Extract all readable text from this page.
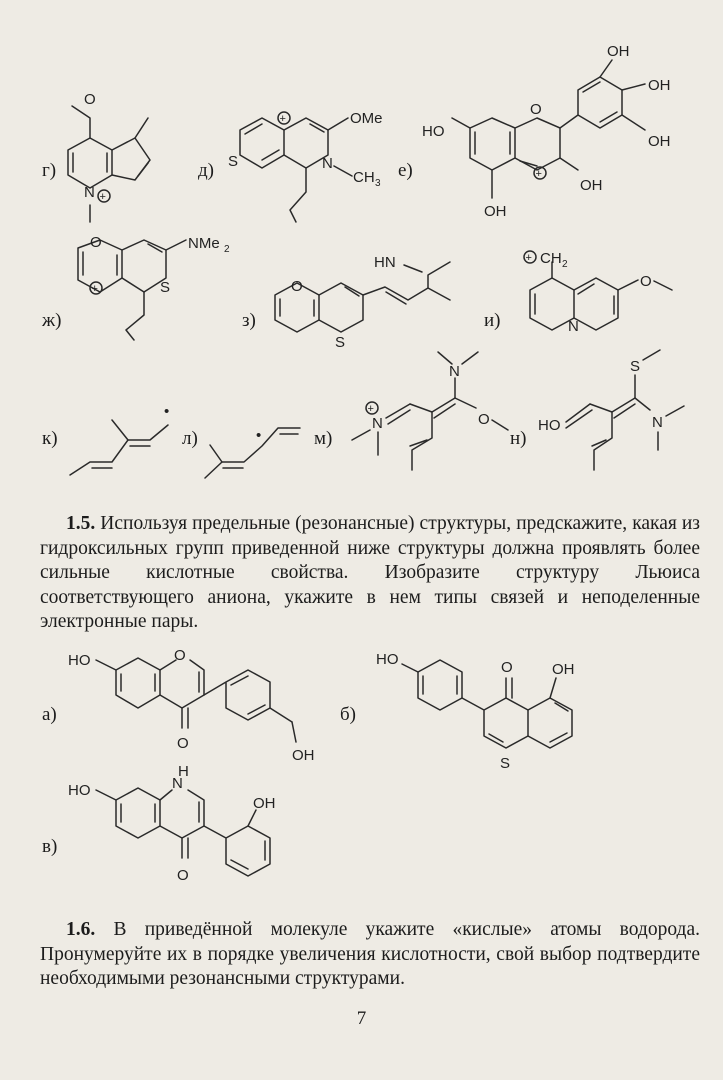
O
N +
S
+	OMe
N
CH 3
O
+
HO
OH
OH
OH
OH
OH
O
+	S
NMe 2
O
S
HN
N
+ CH 2
O
•
•
N
+
N
O	HO
S
N
HO	O
O
OH
HO
S
O	OH
HO	N
H
O
OH
г)	д)	е)
ж)	з)	и)
к)	л)	м)	н)
а)	б)
в)
1.5. Используя предельные (резонансные) структуры, предскажите, какая из гидроксильных групп приведенной ниже структуры должна проявлять более сильные кислотные свойства. Изобразите структуру Льюиса соответствующего аниона, укажите в нем типы связей и неподеленные электронные пары.
1.6. В приведённой молекуле укажите «кислые» атомы водорода. Пронумеруйте их в порядке увеличения кислотности, свой выбор подтвердите необходимыми резонансными структурами.
7
